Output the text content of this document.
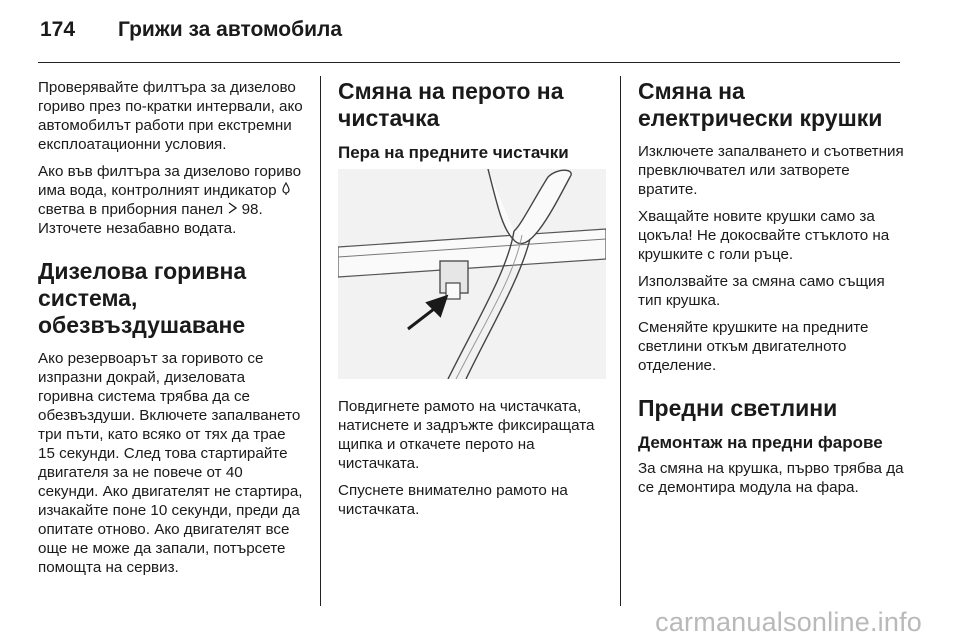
174	Грижи за автомобила

Проверявайте филтъра за дизелово гориво през по-кратки интервали, ако автомобилът работи при екстремни експлоатационни условия.

Ако във филтъра за дизелово гориво има вода, контролният индикатор  светва в приборния панел  98. Източете незабавно водата.

Дизелова горивна система, обезвъздушаване

Ако резервоарът за горивото се изпразни докрай, дизеловата горивна система трябва да се обезвъздуши. Включете запалването три пъти, като всяко от тях да трае 15 секунди. След това стартирайте двигателя за не повече от 40 секунди. Ако двигателят не стартира, изчакайте поне 10 секунди, преди да опитате отново. Ако двигателят все още не може да запали, потърсете помощта на сервиз.

Смяна на перото на чистачка
Пера на предните чистачки

Повдигнете рамото на чистачката, натиснете и задръжте фиксиращата щипка и откачете перото на чистачката.

Спуснете внимателно рамото на чистачката.

Смяна на електрически крушки

Изключете запалването и съответния превключвател или затворете вратите.

Хващайте новите крушки само за цокъла! Не докосвайте стъклото на крушките с голи ръце.

Използвайте за смяна само същия тип крушка.

Сменяйте крушките на предните светлини откъм двигателното отделение.

Предни светлини
Демонтаж на предни фарове

За смяна на крушка, първо трябва да се демонтира модула на фара.

carmanualsonline.info
